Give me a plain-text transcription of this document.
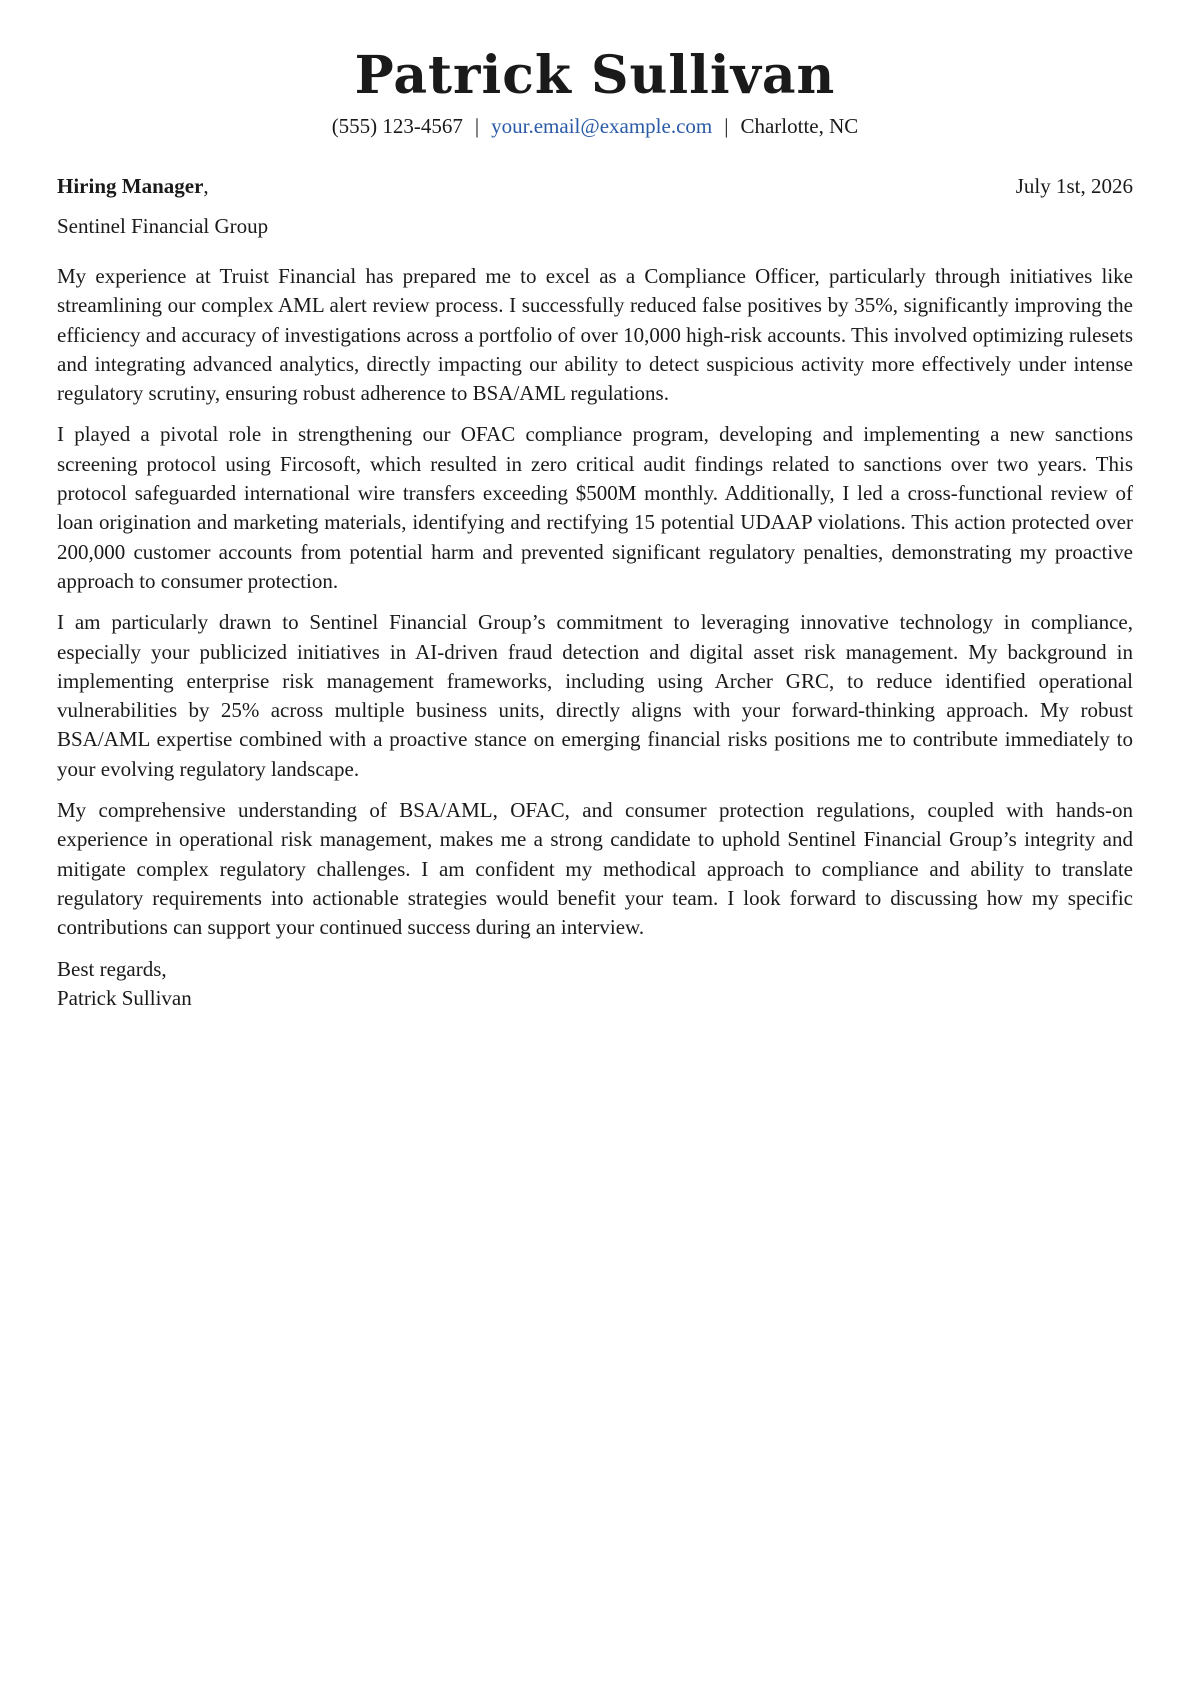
Patrick Sullivan
(555) 123-4567 | your.email@example.com | Charlotte, NC
Hiring Manager,	July 1st, 2026
Sentinel Financial Group

My experience at Truist Financial has prepared me to excel as a Compliance Officer, particularly through initiatives like streamlining our complex AML alert review process. I successfully reduced false positives by 35%, significantly improving the efficiency and accuracy of investigations across a portfolio of over 10,000 high-risk accounts. This involved optimizing rulesets and integrating advanced analytics, directly impacting our ability to detect suspicious activity more effectively under intense regulatory scrutiny, ensuring robust adherence to BSA/AML regulations.

I played a pivotal role in strengthening our OFAC compliance program, developing and implementing a new sanctions screening protocol using Fircosoft, which resulted in zero critical audit findings related to sanctions over two years. This protocol safeguarded international wire transfers exceeding $500M monthly. Additionally, I led a cross-functional review of loan origination and marketing materials, identifying and rectifying 15 potential UDAAP violations. This action protected over 200,000 customer accounts from potential harm and prevented significant regulatory penalties, demonstrating my proactive approach to consumer protection.

I am particularly drawn to Sentinel Financial Group’s commitment to leveraging innovative technology in compliance, especially your publicized initiatives in AI-driven fraud detection and digital asset risk management. My background in implementing enterprise risk management frameworks, including using Archer GRC, to reduce identified operational vulnerabilities by 25% across multiple business units, directly aligns with your forward-thinking approach. My robust BSA/AML expertise combined with a proactive stance on emerging financial risks positions me to contribute immediately to your evolving regulatory landscape.

My comprehensive understanding of BSA/AML, OFAC, and consumer protection regulations, coupled with hands-on experience in operational risk management, makes me a strong candidate to uphold Sentinel Financial Group’s integrity and mitigate complex regulatory challenges. I am confident my methodical approach to compliance and ability to translate regulatory requirements into actionable strategies would benefit your team. I look forward to discussing how my specific contributions can support your continued success during an interview.

Best regards,
Patrick Sullivan
